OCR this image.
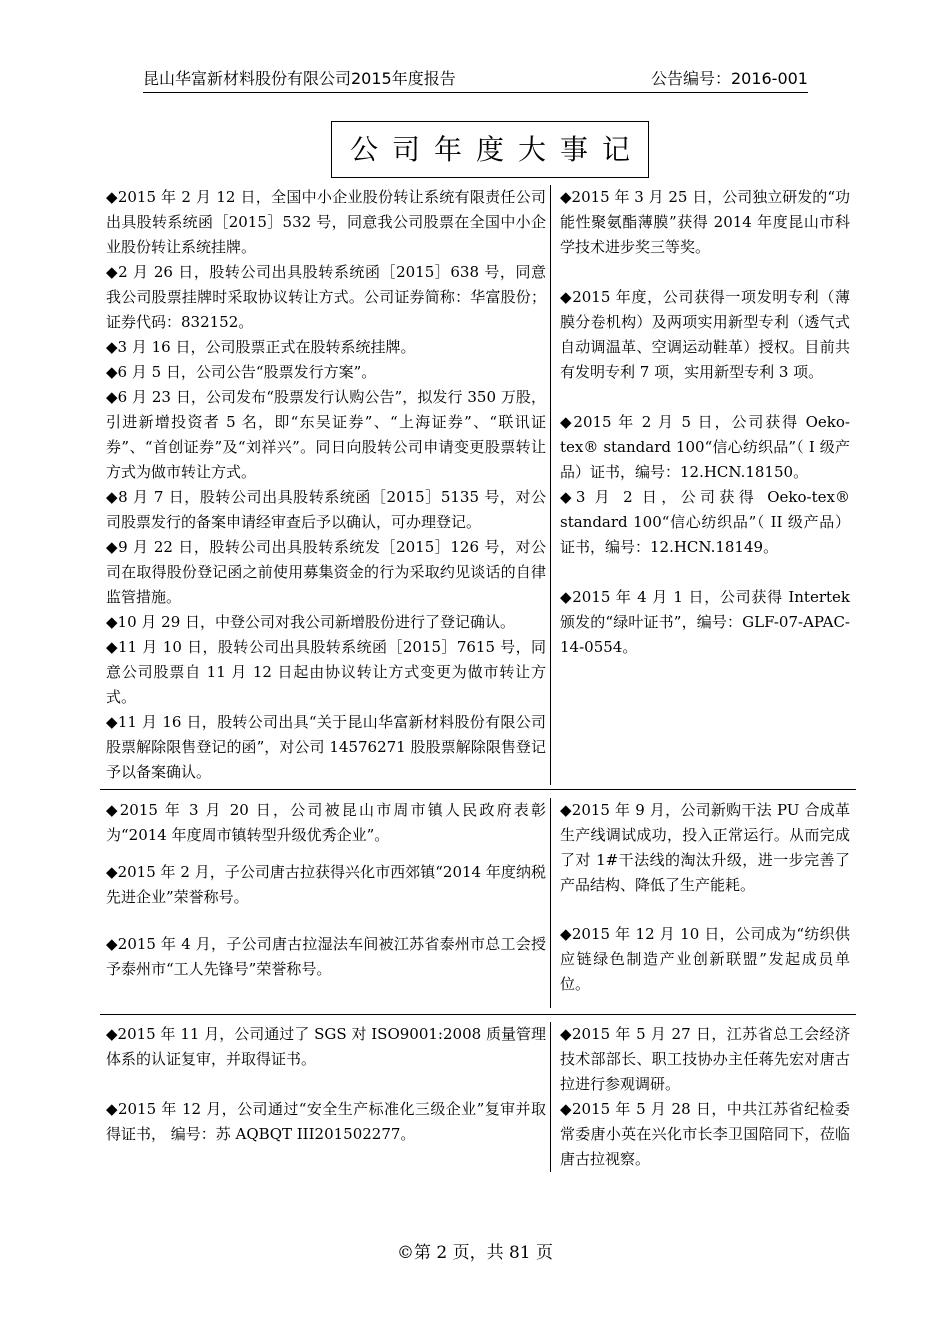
昆山华富新材料股份有限公司2015年度报告	公告编号：2016-001
公司年度大事记

◆2015 年 2 月 12 日，全国中小企业股份转让系统有限责任公司出具股转系统函［2015］532 号，同意我公司股票在全国中小企业股份转让系统挂牌。

◆2 月 26 日，股转公司出具股转系统函［2015］638 号，同意我公司股票挂牌时采取协议转让方式。公司证券简称：华富股份；证券代码：832152。

◆3 月 16 日，公司股票正式在股转系统挂牌。

◆6 月 5 日，公司公告“股票发行方案”。

◆6 月 23 日，公司发布“股票发行认购公告”，拟发行 350 万股，引进新增投资者 5 名，即“东吴证券”、“上海证券”、“联讯证券”、“首创证券”及“刘祥兴”。同日向股转公司申请变更股票转让方式为做市转让方式。

◆8 月 7 日，股转公司出具股转系统函［2015］5135 号，对公司股票发行的备案申请经审查后予以确认，可办理登记。

◆9 月 22 日，股转公司出具股转系统发［2015］126 号，对公司在取得股份登记函之前使用募集资金的行为采取约见谈话的自律监管措施。

◆10 月 29 日，中登公司对我公司新增股份进行了登记确认。

◆11 月 10 日，股转公司出具股转系统函［2015］7615 号，同意公司股票自 11 月 12 日起由协议转让方式变更为做市转让方式。

◆11 月 16 日，股转公司出具“关于昆山华富新材料股份有限公司股票解除限售登记的函”，对公司 14576271 股股票解除限售登记予以备案确认。

◆2015 年 3 月 25 日，公司独立研发的“功能性聚氨酯薄膜”获得 2014 年度昆山市科学技术进步奖三等奖。

◆2015 年度，公司获得一项发明专利（薄膜分卷机构）及两项实用新型专利（透气式自动调温革、空调运动鞋革）授权。目前共有发明专利 7 项，实用新型专利 3 项。

◆2015 年 2 月 5 日，公司获得 Oeko-tex® standard 100“信心纺织品”（ I 级产品）证书，编号：12.HCN.18150。

◆3 月 2 日，公司获得 Oeko-tex® standard 100“信心纺织品”（ II 级产品）证书，编号：12.HCN.18149。

◆2015 年 4 月 1 日，公司获得 Intertek 颁发的“绿叶证书”，编号：GLF-07-APAC-14-0554。

◆2015 年 3 月 20 日，公司被昆山市周市镇人民政府表彰为“2014 年度周市镇转型升级优秀企业”。

◆2015 年 2 月，子公司唐古拉获得兴化市西郊镇“2014 年度纳税先进企业”荣誉称号。

◆2015 年 4 月，子公司唐古拉湿法车间被江苏省泰州市总工会授予泰州市“工人先锋号”荣誉称号。

◆2015 年 9 月，公司新购干法 PU 合成革生产线调试成功，投入正常运行。从而完成了对 1#干法线的淘汰升级，进一步完善了产品结构、降低了生产能耗。

◆2015 年 12 月 10 日，公司成为“纺织供应链绿色制造产业创新联盟”发起成员单位。

◆2015 年 11 月，公司通过了 SGS 对 ISO9001:2008 质量管理体系的认证复审，并取得证书。

◆2015 年 12 月，公司通过“安全生产标准化三级企业”复审并取得证书， 编号：苏 AQBQT III201502277。

◆2015 年 5 月 27 日，江苏省总工会经济技术部部长、职工技协办主任蒋先宏对唐古拉进行参观调研。

◆2015 年 5 月 28 日，中共江苏省纪检委常委唐小英在兴化市长李卫国陪同下，莅临唐古拉视察。

©第 2 页，共 81 页
